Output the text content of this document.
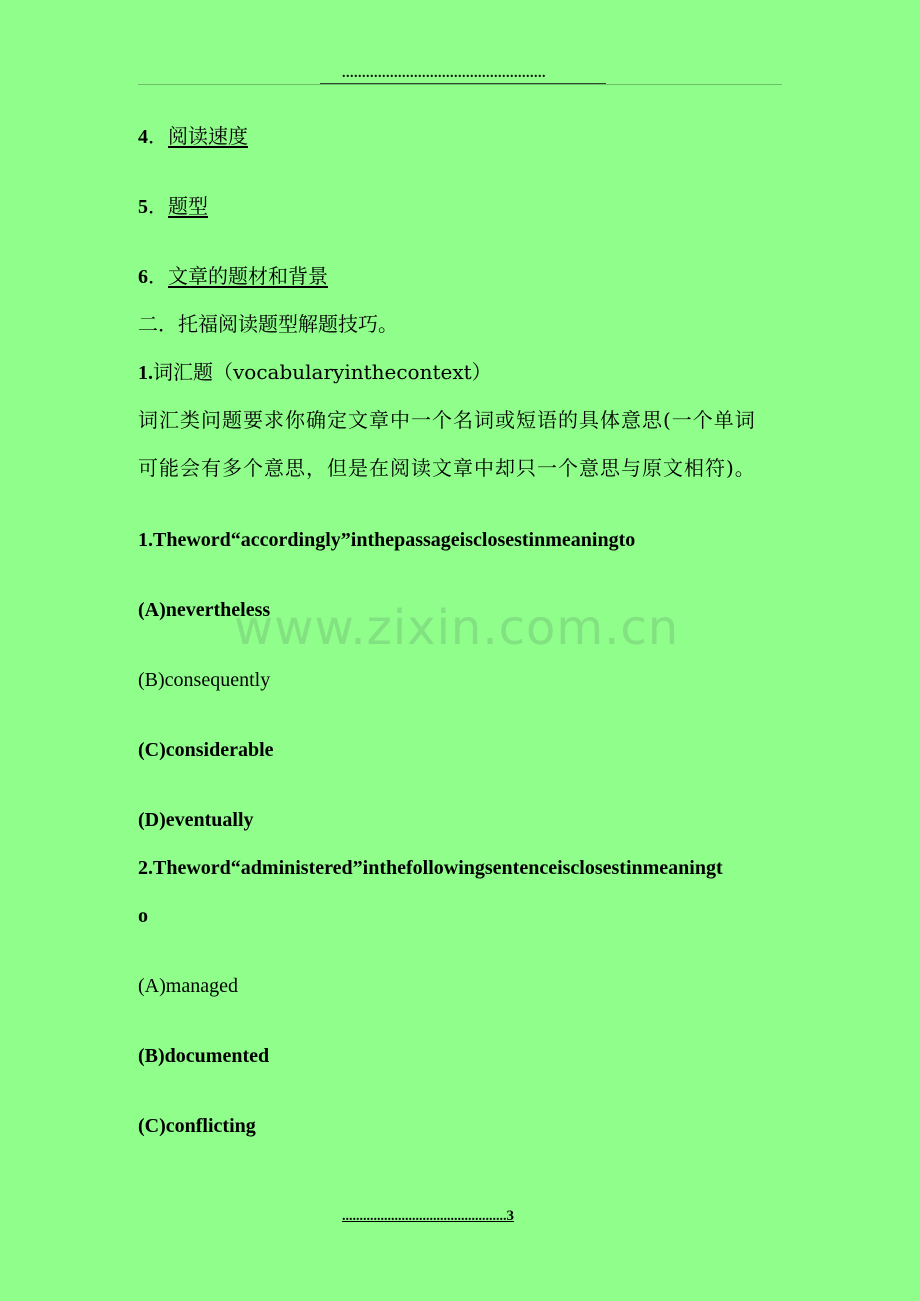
...................................................
4．阅读速度
5．题型
6．文章的题材和背景
二．托福阅读题型解题技巧。
1.词汇题（vocabularyinthecontext）
词汇类问题要求你确定文章中一个名词或短语的具体意思(一个单词
可能会有多个意思，但是在阅读文章中却只一个意思与原文相符)。
1.Theword“accordingly”inthepassageisclosestinmeaningto
(A)nevertheless
(B)consequently
(C)considerable
(D)eventually
2.Theword“administered”inthefollowingsentenceisclosestinmeaningt
o
(A)managed
(B)documented
(C)conflicting
www.zixin.com.cn
...............................................3
